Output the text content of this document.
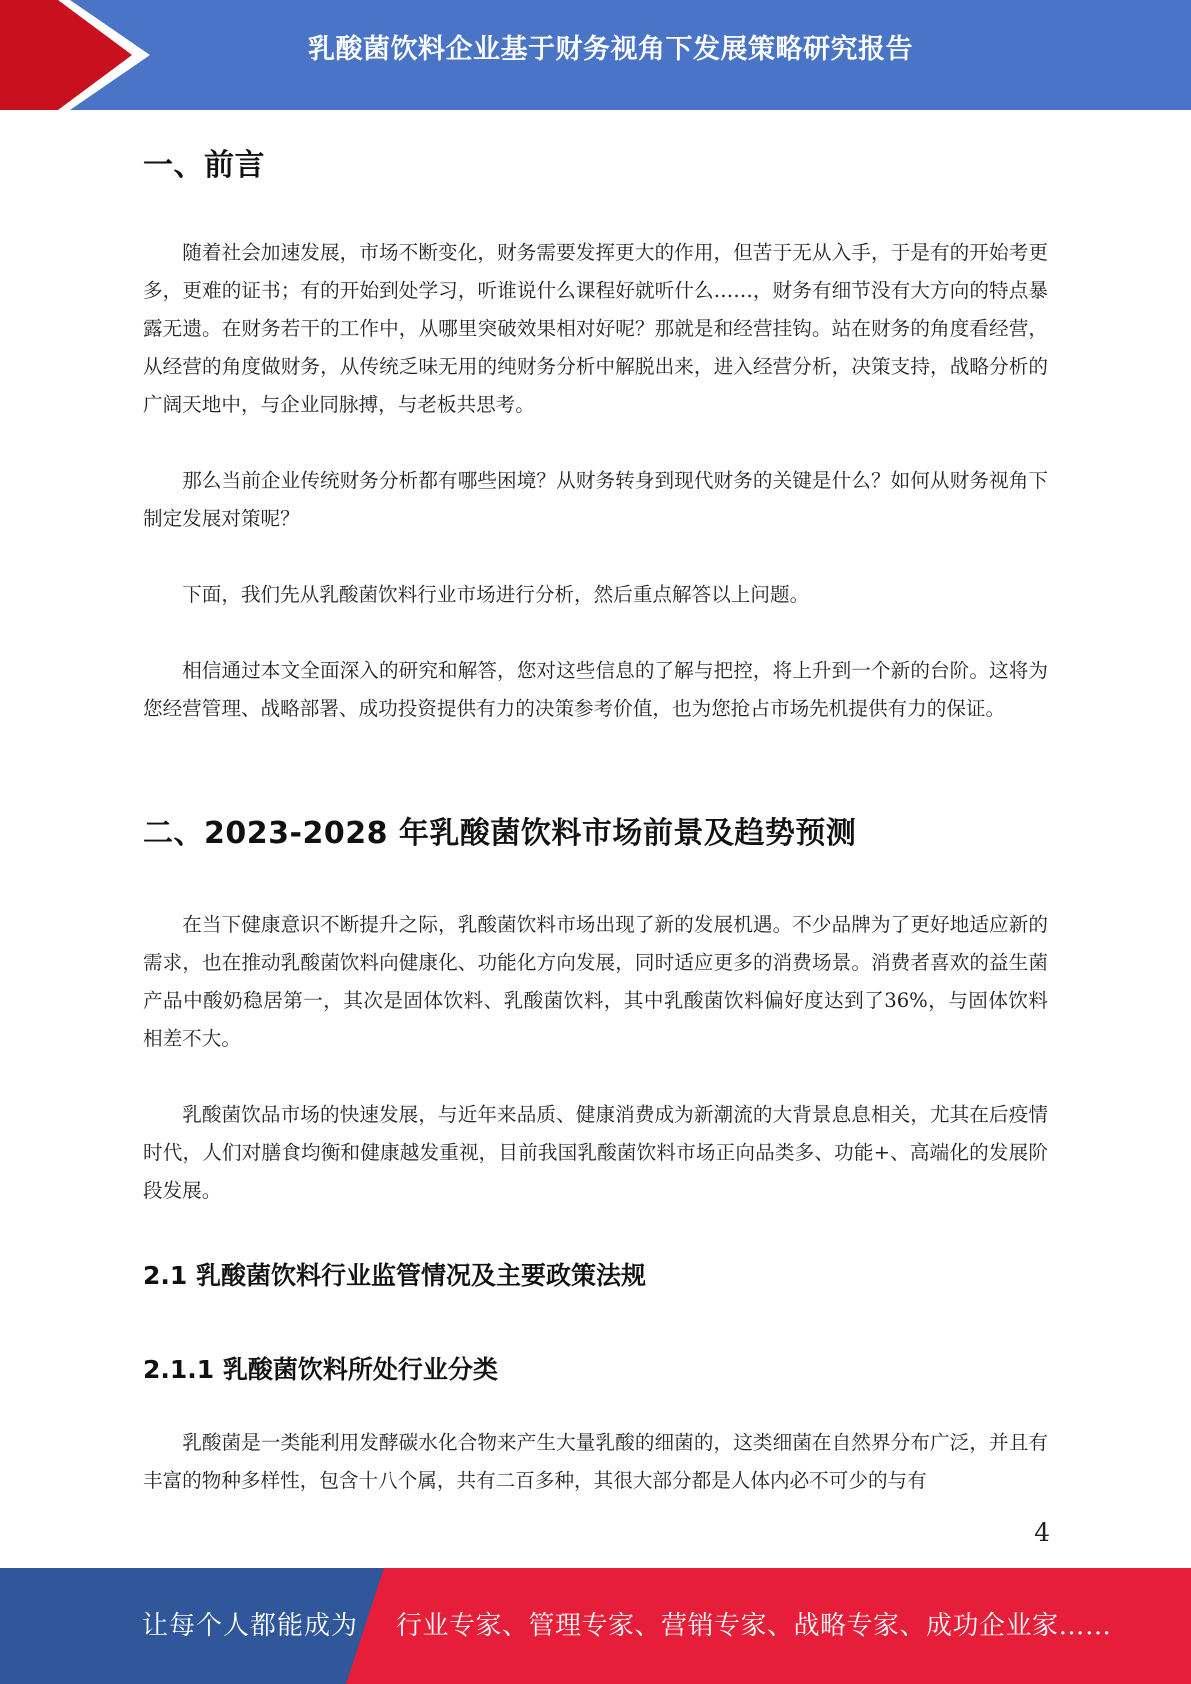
乳酸菌饮料企业基于财务视角下发展策略研究报告
一、前言

随着社会加速发展，市场不断变化，财务需要发挥更大的作用，但苦于无从入手，于是有的开始考更多，更难的证书；有的开始到处学习，听谁说什么课程好就听什么……，财务有细节没有大方向的特点暴露无遗。在财务若干的工作中，从哪里突破效果相对好呢？那就是和经营挂钩。站在财务的角度看经营，从经营的角度做财务，从传统乏味无用的纯财务分析中解脱出来，进入经营分析，决策支持，战略分析的广阔天地中，与企业同脉搏，与老板共思考。

那么当前企业传统财务分析都有哪些困境？从财务转身到现代财务的关键是什么？如何从财务视角下制定发展对策呢？

下面，我们先从乳酸菌饮料行业市场进行分析，然后重点解答以上问题。

相信通过本文全面深入的研究和解答，您对这些信息的了解与把控，将上升到一个新的台阶。这将为您经营管理、战略部署、成功投资提供有力的决策参考价值，也为您抢占市场先机提供有力的保证。

二、2023-2028 年乳酸菌饮料市场前景及趋势预测

在当下健康意识不断提升之际，乳酸菌饮料市场出现了新的发展机遇。不少品牌为了更好地适应新的需求，也在推动乳酸菌饮料向健康化、功能化方向发展，同时适应更多的消费场景。消费者喜欢的益生菌产品中酸奶稳居第一，其次是固体饮料、乳酸菌饮料，其中乳酸菌饮料偏好度达到了36%，与固体饮料相差不大。

乳酸菌饮品市场的快速发展，与近年来品质、健康消费成为新潮流的大背景息息相关，尤其在后疫情时代，人们对膳食均衡和健康越发重视，目前我国乳酸菌饮料市场正向品类多、功能+、高端化的发展阶段发展。

2.1 乳酸菌饮料行业监管情况及主要政策法规
2.1.1 乳酸菌饮料所处行业分类

乳酸菌是一类能利用发酵碳水化合物来产生大量乳酸的细菌的，这类细菌在自然界分布广泛，并且有丰富的物种多样性，包含十八个属，共有二百多种，其很大部分都是人体内必不可少的与有

4
让每个人都能成为 行业专家、管理专家、营销专家、战略专家、成功企业家……
